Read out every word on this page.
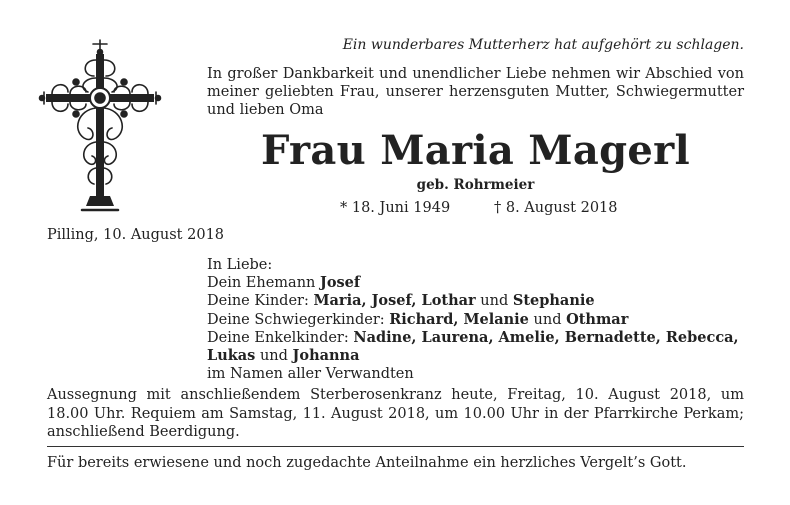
Ein wunderbares Mutterherz hat aufgehört zu schlagen.
In großer Dankbarkeit und unendlicher Liebe nehmen wir Abschied von meiner geliebten Frau, unserer herzensguten Mutter, Schwiegermutter und lieben Oma
Frau Maria Magerl
geb. Rohrmeier
* 18. Juni 1949	† 8. August 2018
Pilling, 10. August 2018
In Liebe:
Dein Ehemann Josef
Deine Kinder: Maria, Josef, Lothar und Stephanie
Deine Schwiegerkinder: Richard, Melanie und Othmar
Deine Enkelkinder: Nadine, Laurena, Amelie, Bernadette, Rebecca,
Lukas und Johanna
im Namen aller Verwandten
Aussegnung mit anschließendem Sterberosenkranz heute, Freitag, 10. August 2018, um 18.00 Uhr. Requiem am Samstag, 11. August 2018, um 10.00 Uhr in der Pfarrkirche Perkam; anschließend Beerdigung.
Für bereits erwiesene und noch zugedachte Anteilnahme ein herzliches Vergelt’s Gott.
